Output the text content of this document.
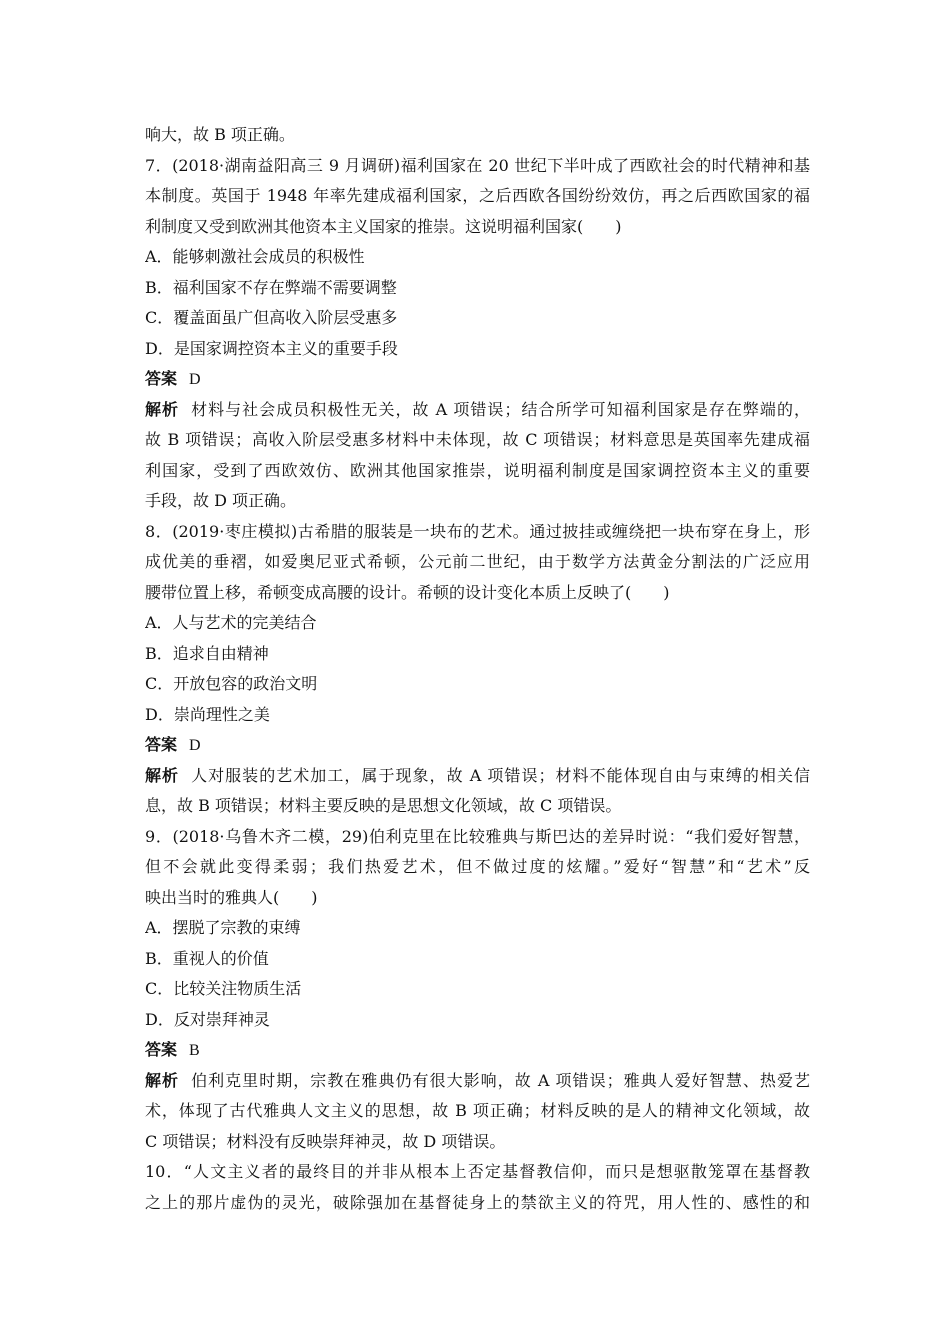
响大，故 B 项正确。
7．(2018·湖南益阳高三 9 月调研)福利国家在 20 世纪下半叶成了西欧社会的时代精神和基
本制度。英国于 1948 年率先建成福利国家，之后西欧各国纷纷效仿，再之后西欧国家的福
利制度又受到欧洲其他资本主义国家的推崇。这说明福利国家(　　)
A．能够刺激社会成员的积极性
B．福利国家不存在弊端不需要调整
C．覆盖面虽广但高收入阶层受惠多
D．是国家调控资本主义的重要手段
答案 D
解析 材料与社会成员积极性无关，故 A 项错误；结合所学可知福利国家是存在弊端的，
故 B 项错误；高收入阶层受惠多材料中未体现，故 C 项错误；材料意思是英国率先建成福
利国家，受到了西欧效仿、欧洲其他国家推崇，说明福利制度是国家调控资本主义的重要
手段，故 D 项正确。
8．(2019·枣庄模拟)古希腊的服装是一块布的艺术。通过披挂或缠绕把一块布穿在身上，形
成优美的垂褶，如爱奥尼亚式希顿，公元前二世纪，由于数学方法黄金分割法的广泛应用
腰带位置上移，希顿变成高腰的设计。希顿的设计变化本质上反映了(　　)
A．人与艺术的完美结合
B．追求自由精神
C．开放包容的政治文明
D．崇尚理性之美
答案 D
解析 人对服装的艺术加工，属于现象，故 A 项错误；材料不能体现自由与束缚的相关信
息，故 B 项错误；材料主要反映的是思想文化领域，故 C 项错误。
9．(2018·乌鲁木齐二模，29)伯利克里在比较雅典与斯巴达的差异时说：“我们爱好智慧，
但不会就此变得柔弱；我们热爱艺术，但不做过度的炫耀。”爱好“智慧”和“艺术”反
映出当时的雅典人(　　)
A．摆脱了宗教的束缚
B．重视人的价值
C．比较关注物质生活
D．反对崇拜神灵
答案 B
解析 伯利克里时期，宗教在雅典仍有很大影响，故 A 项错误；雅典人爱好智慧、热爱艺
术，体现了古代雅典人文主义的思想，故 B 项正确；材料反映的是人的精神文化领域，故
C 项错误；材料没有反映崇拜神灵，故 D 项错误。
10．“人文主义者的最终目的并非从根本上否定基督教信仰，而只是想驱散笼罩在基督教
之上的那片虚伪的灵光，破除强加在基督徒身上的禁欲主义的符咒，用人性的、感性的和
